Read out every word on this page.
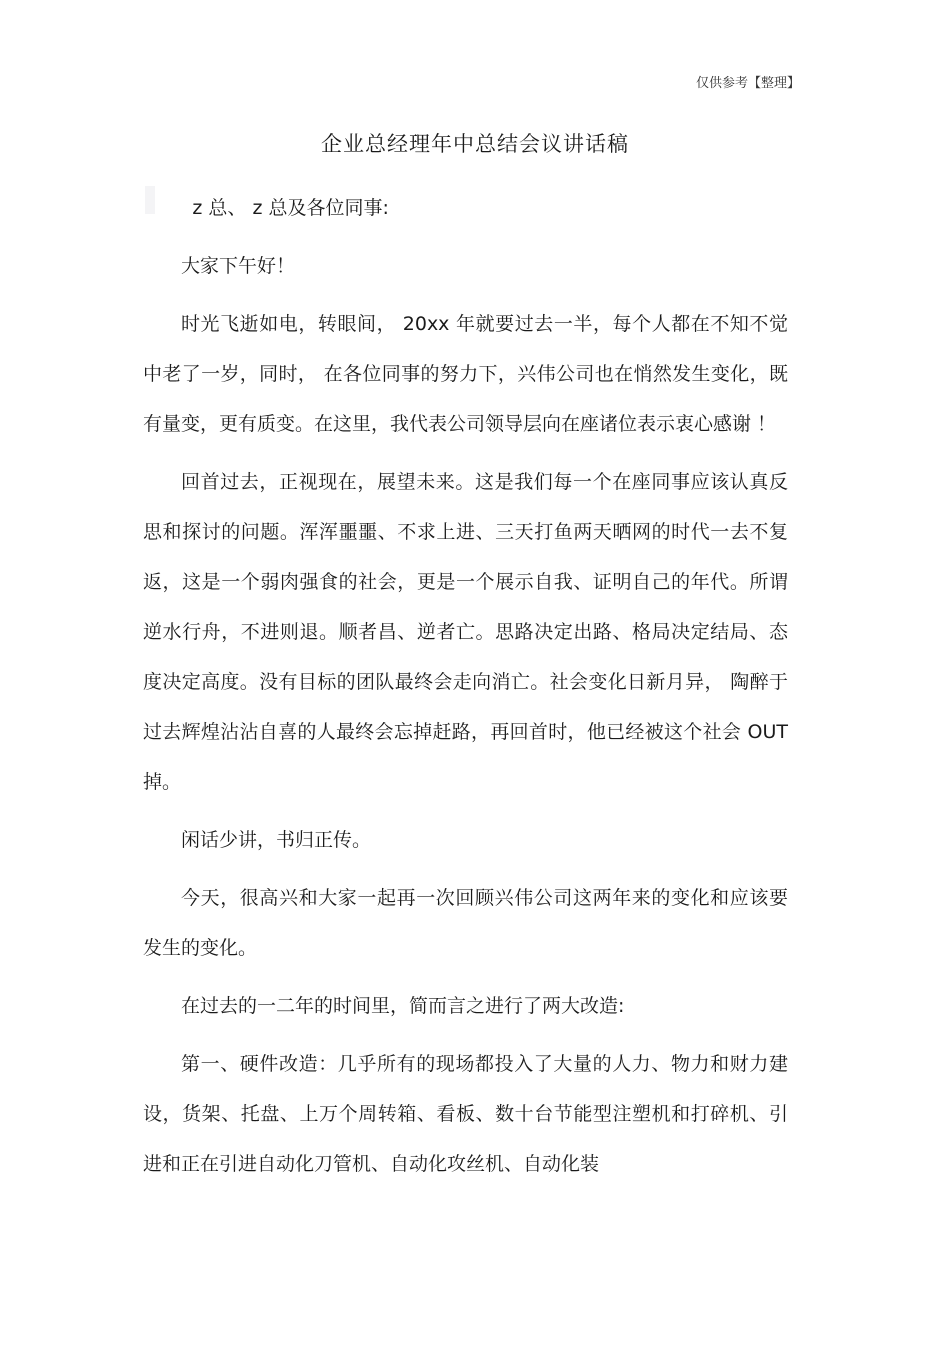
仅供参考【整理】
企业总经理年中总结会议讲话稿

z 总、 z 总及各位同事:

大家下午好！

时光飞逝如电，转眼间， 20xx 年就要过去一半，每个人都在不知不觉中老了一岁，同时， 在各位同事的努力下，兴伟公司也在悄然发生变化，既有量变，更有质变。在这里，我代表公司领导层向在座诸位表示衷心感谢 ！

回首过去，正视现在，展望未来。这是我们每一个在座同事应该认真反思和探讨的问题。浑浑噩噩、不求上进、三天打鱼两天晒网的时代一去不复返，这是一个弱肉强食的社会，更是一个展示自我、证明自己的年代。所谓逆水行舟，不进则退。顺者昌、逆者亡。思路决定出路、格局决定结局、态度决定高度。没有目标的团队最终会走向消亡。社会变化日新月异， 陶醉于过去辉煌沾沾自喜的人最终会忘掉赶路，再回首时，他已经被这个社会 OUT掉。

闲话少讲，书归正传。

今天，很高兴和大家一起再一次回顾兴伟公司这两年来的变化和应该要发生的变化。

在过去的一二年的时间里，简而言之进行了两大改造:

第一、硬件改造：几乎所有的现场都投入了大量的人力、物力和财力建设，货架、托盘、上万个周转箱、看板、数十台节能型注塑机和打碎机、引进和正在引进自动化刀管机、自动化攻丝机、自动化装
